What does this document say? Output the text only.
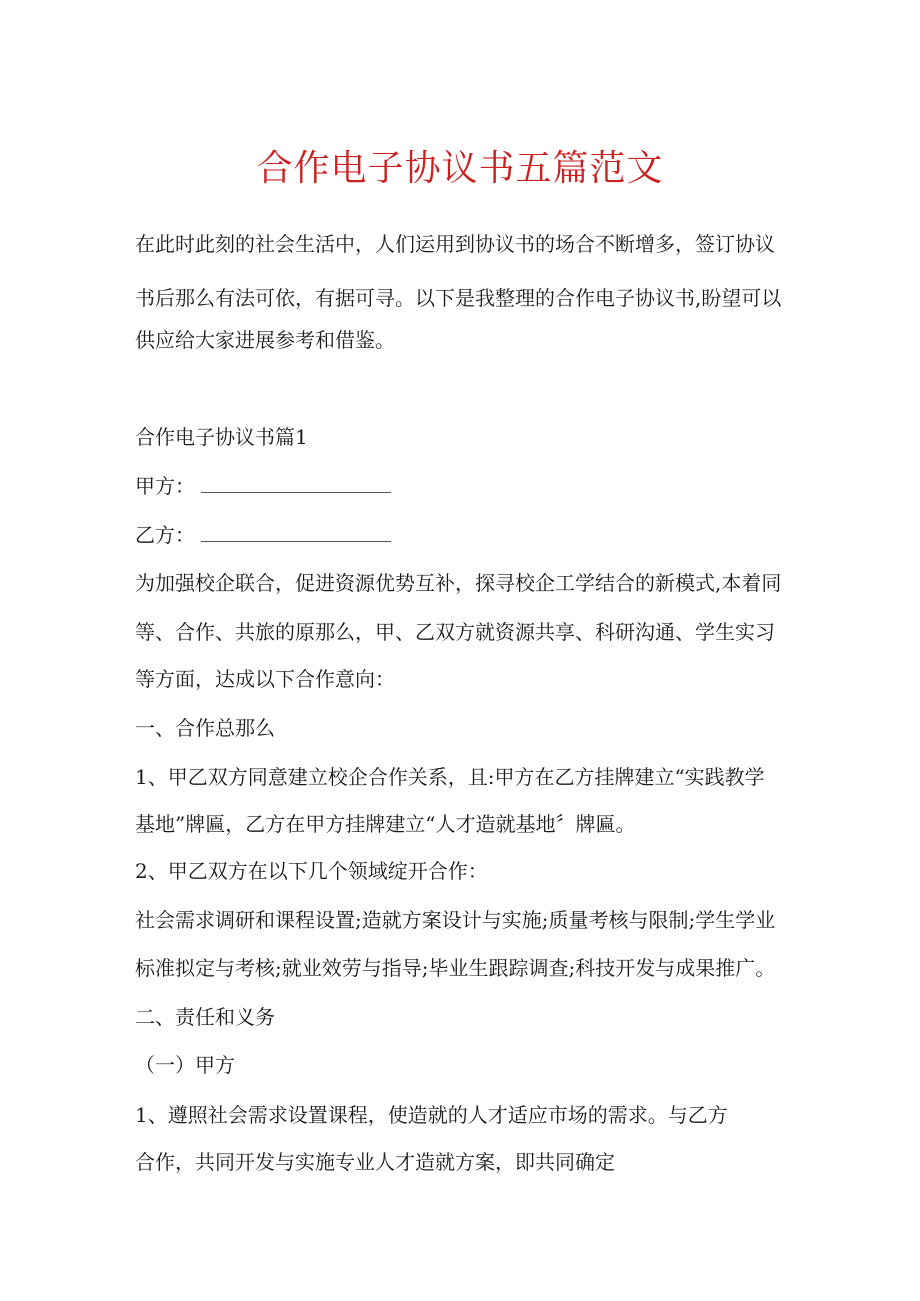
合作电子协议书五篇范文

在此时此刻的社会生活中，人们运用到协议书的场合不断增多，签订协议

书后那么有法可依，有据可寻。以下是我整理的合作电子协议书,盼望可以

供应给大家进展参考和借鉴。

合作电子协议书篇1

甲方：

乙方：

为加强校企联合，促进资源优势互补，探寻校企工学结合的新模式,本着同

等、合作、共旅的原那么，甲、乙双方就资源共享、科研沟通、学生实习

等方面，达成以下合作意向：

一、合作总那么

1、甲乙双方同意建立校企合作关系，且:甲方在乙方挂牌建立“实践教学

基地”牌匾，乙方在甲方挂牌建立“人才造就基地〞牌匾。

2、甲乙双方在以下几个领域绽开合作：

社会需求调研和课程设置;造就方案设计与实施;质量考核与限制;学生学业

标准拟定与考核;就业效劳与指导;毕业生跟踪调查;科技开发与成果推广。

二、责任和义务

（一）甲方

1、遵照社会需求设置课程，使造就的人才适应市场的需求。与乙方

合作，共同开发与实施专业人才造就方案，即共同确定
